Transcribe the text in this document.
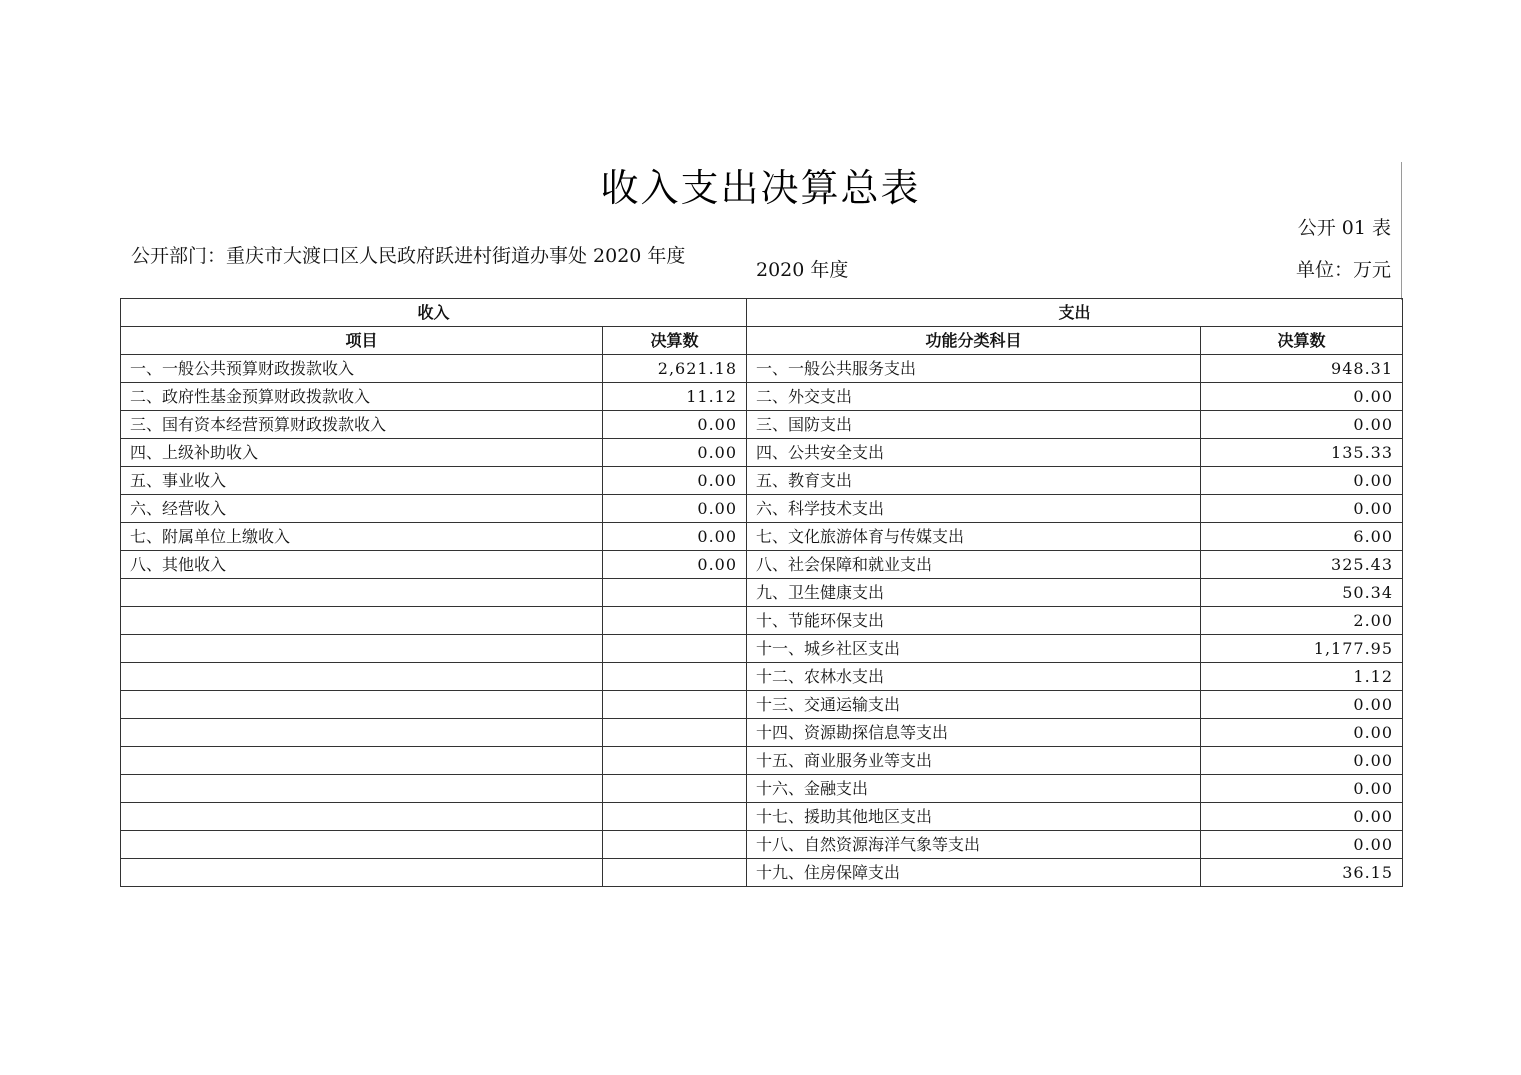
收入支出决算总表
公开 01 表
公开部门：重庆市大渡口区人民政府跃进村街道办事处 2020 年度
2020 年度	单位：万元
收入		支出	
项目	决算数	功能分类科目	决算数
一、一般公共预算财政拨款收入	2,621.18	一、一般公共服务支出	948.31
二、政府性基金预算财政拨款收入	11.12	二、外交支出	0.00
三、国有资本经营预算财政拨款收入	0.00	三、国防支出	0.00
四、上级补助收入	0.00	四、公共安全支出	135.33
五、事业收入	0.00	五、教育支出	0.00
六、经营收入	0.00	六、科学技术支出	0.00
七、附属单位上缴收入	0.00	七、文化旅游体育与传媒支出	6.00
八、其他收入	0.00	八、社会保障和就业支出	325.43
		九、卫生健康支出	50.34
		十、节能环保支出	2.00
		十一、城乡社区支出	1,177.95
		十二、农林水支出	1.12
		十三、交通运输支出	0.00
		十四、资源勘探信息等支出	0.00
		十五、商业服务业等支出	0.00
		十六、金融支出	0.00
		十七、援助其他地区支出	0.00
		十八、自然资源海洋气象等支出	0.00
		十九、住房保障支出	36.15
